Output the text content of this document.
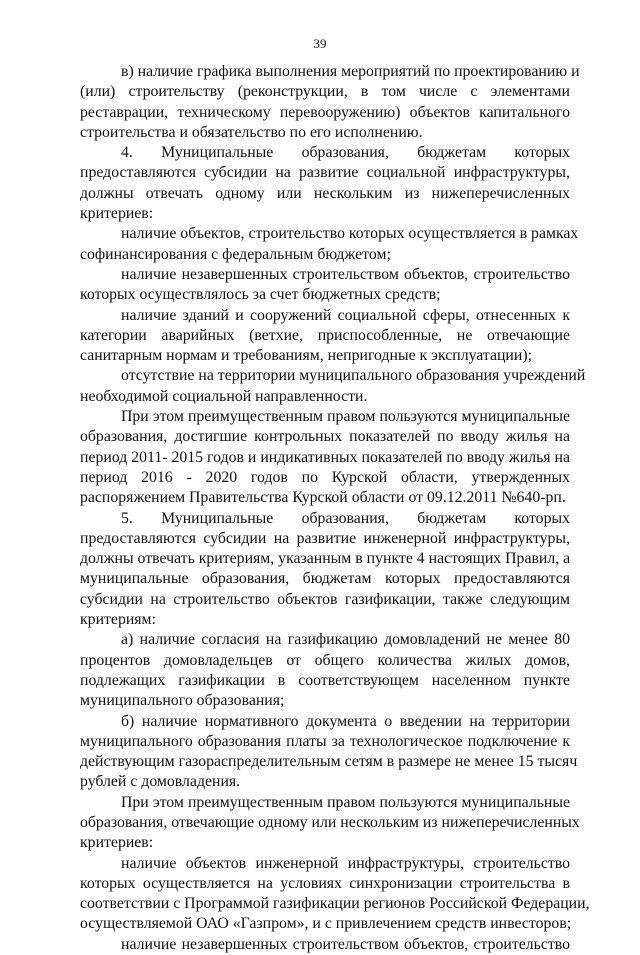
39
в) наличие графика выполнения мероприятий по проектированию и
(или) строительству (реконструкции, в том числе с элементами
реставрации, техническому перевооружению) объектов капитального
строительства и обязательство по его исполнению.
4. Муниципальные образования, бюджетам которых
предоставляются субсидии на развитие социальной инфраструктуры,
должны отвечать одному или нескольким из нижеперечисленных
критериев:
наличие объектов, строительство которых осуществляется в рамках
софинансирования с федеральным бюджетом;
наличие незавершенных строительством объектов, строительство
которых осуществлялось за счет бюджетных средств;
наличие зданий и сооружений социальной сферы, отнесенных к
категории аварийных (ветхие, приспособленные, не отвечающие
санитарным нормам и требованиям, непригодные к эксплуатации);
отсутствие на территории муниципального образования учреждений
необходимой социальной направленности.
При этом преимущественным правом пользуются муниципальные
образования, достигшие контрольных показателей по вводу жилья на
период 2011- 2015 годов и индикативных показателей по вводу жилья на
период 2016 - 2020 годов по Курской области, утвержденных
распоряжением Правительства Курской области от 09.12.2011 №640-рп.
5. Муниципальные образования, бюджетам которых
предоставляются субсидии на развитие инженерной инфраструктуры,
должны отвечать критериям, указанным в пункте 4 настоящих Правил, а
муниципальные образования, бюджетам которых предоставляются
субсидии на строительство объектов газификации, также следующим
критериям:
а) наличие согласия на газификацию домовладений не менее 80
процентов домовладельцев от общего количества жилых домов,
подлежащих газификации в соответствующем населенном пункте
муниципального образования;
б) наличие нормативного документа о введении на территории
муниципального образования платы за технологическое подключение к
действующим газораспределительным сетям в размере не менее 15 тысяч
рублей с домовладения.
При этом преимущественным правом пользуются муниципальные
образования, отвечающие одному или нескольким из нижеперечисленных
критериев:
наличие объектов инженерной инфраструктуры, строительство
которых осуществляется на условиях синхронизации строительства в
соответствии с Программой газификации регионов Российской Федерации,
осуществляемой ОАО «Газпром», и с привлечением средств инвесторов;
наличие незавершенных строительством объектов, строительство
